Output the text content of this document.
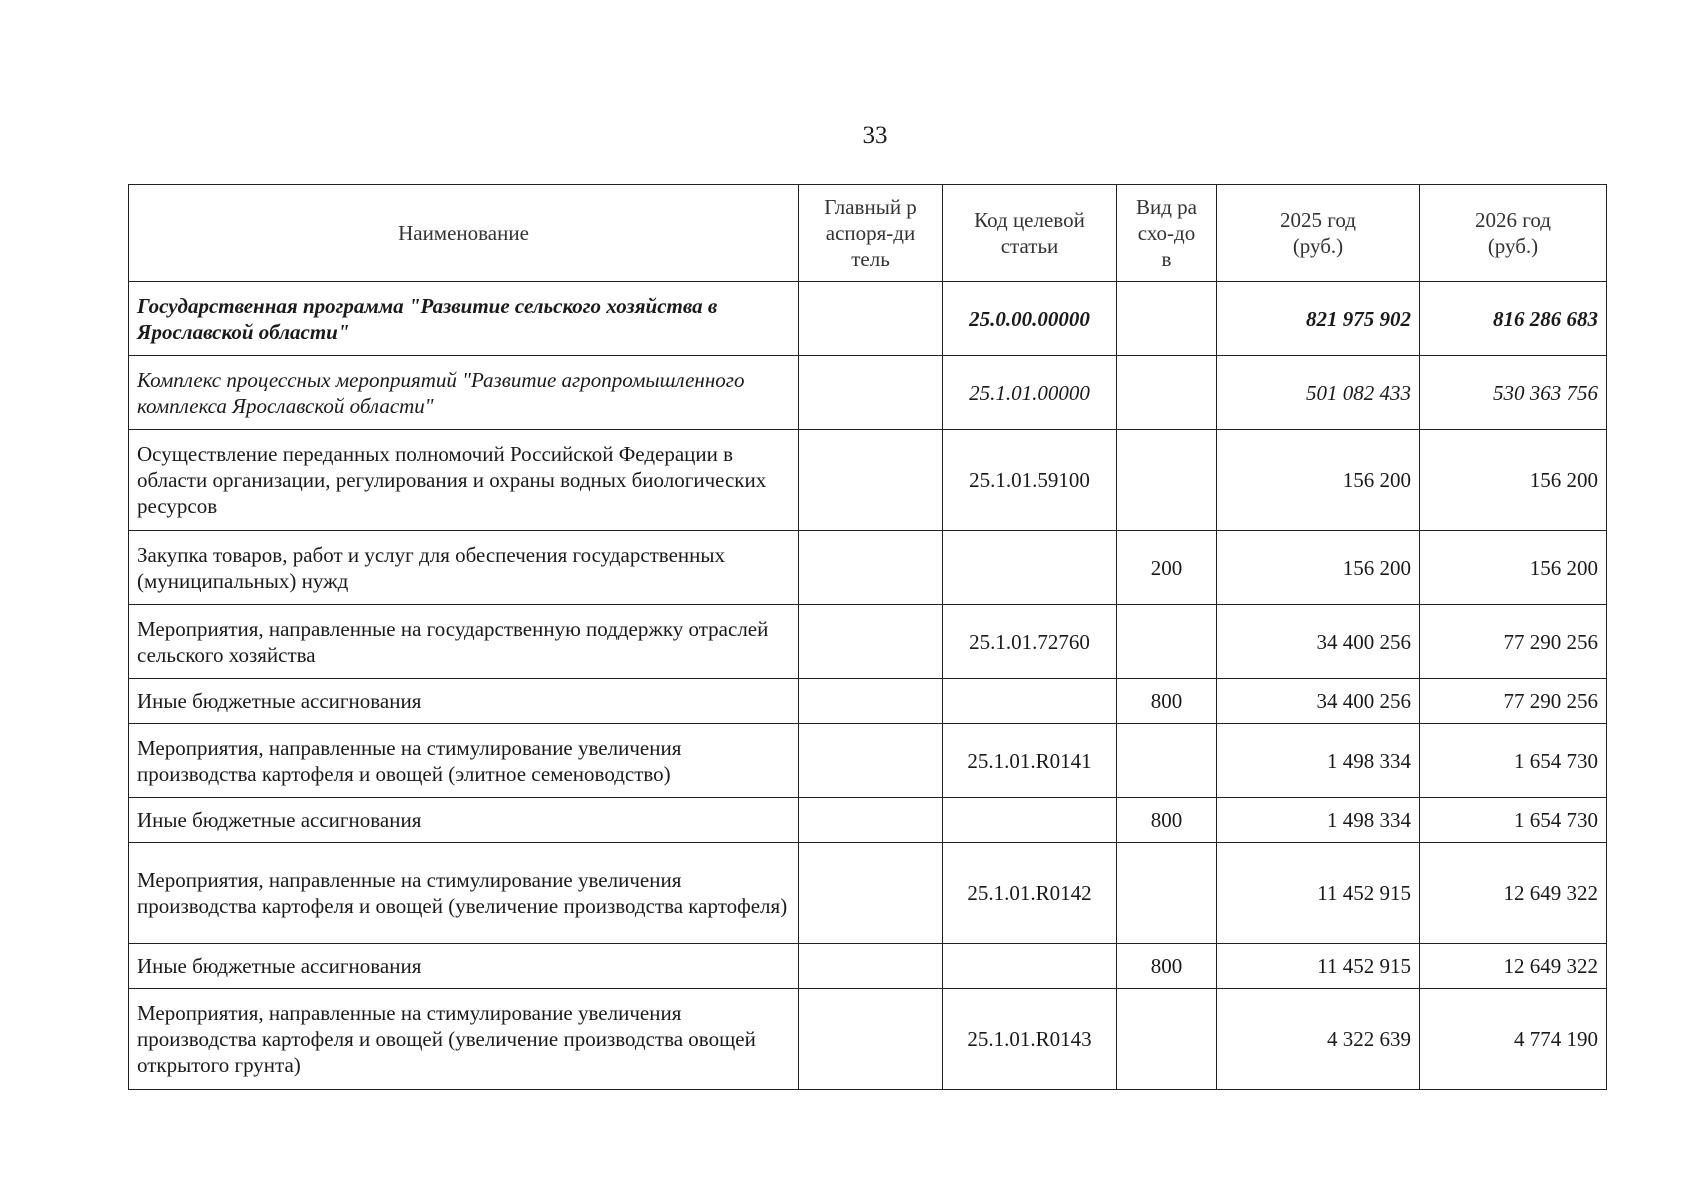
33
Наименование	Главный распоря-дитель	Код целевой статьи	Вид расхо-дов	2025 год (руб.)	2026 год (руб.)
Государственная программа "Развитие сельского хозяйства в Ярославской области"		25.0.00.00000		821 975 902	816 286 683
Комплекс процессных мероприятий "Развитие агропромышленного комплекса Ярославской области"		25.1.01.00000		501 082 433	530 363 756
Осуществление переданных полномочий Российской Федерации в области организации, регулирования и охраны водных биологических ресурсов		25.1.01.59100		156 200	156 200
Закупка товаров, работ и услуг для обеспечения государственных (муниципальных) нужд			200	156 200	156 200
Мероприятия, направленные на государственную поддержку отраслей сельского хозяйства		25.1.01.72760		34 400 256	77 290 256
Иные бюджетные ассигнования			800	34 400 256	77 290 256
Мероприятия, направленные на стимулирование увеличения производства картофеля и овощей (элитное семеноводство)		25.1.01.R0141		1 498 334	1 654 730
Иные бюджетные ассигнования			800	1 498 334	1 654 730
Мероприятия, направленные на стимулирование увеличения производства картофеля и овощей (увеличение производства картофеля)		25.1.01.R0142		11 452 915	12 649 322
Иные бюджетные ассигнования			800	11 452 915	12 649 322
Мероприятия, направленные на стимулирование увеличения производства картофеля и овощей (увеличение производства овощей открытого грунта)		25.1.01.R0143		4 322 639	4 774 190
